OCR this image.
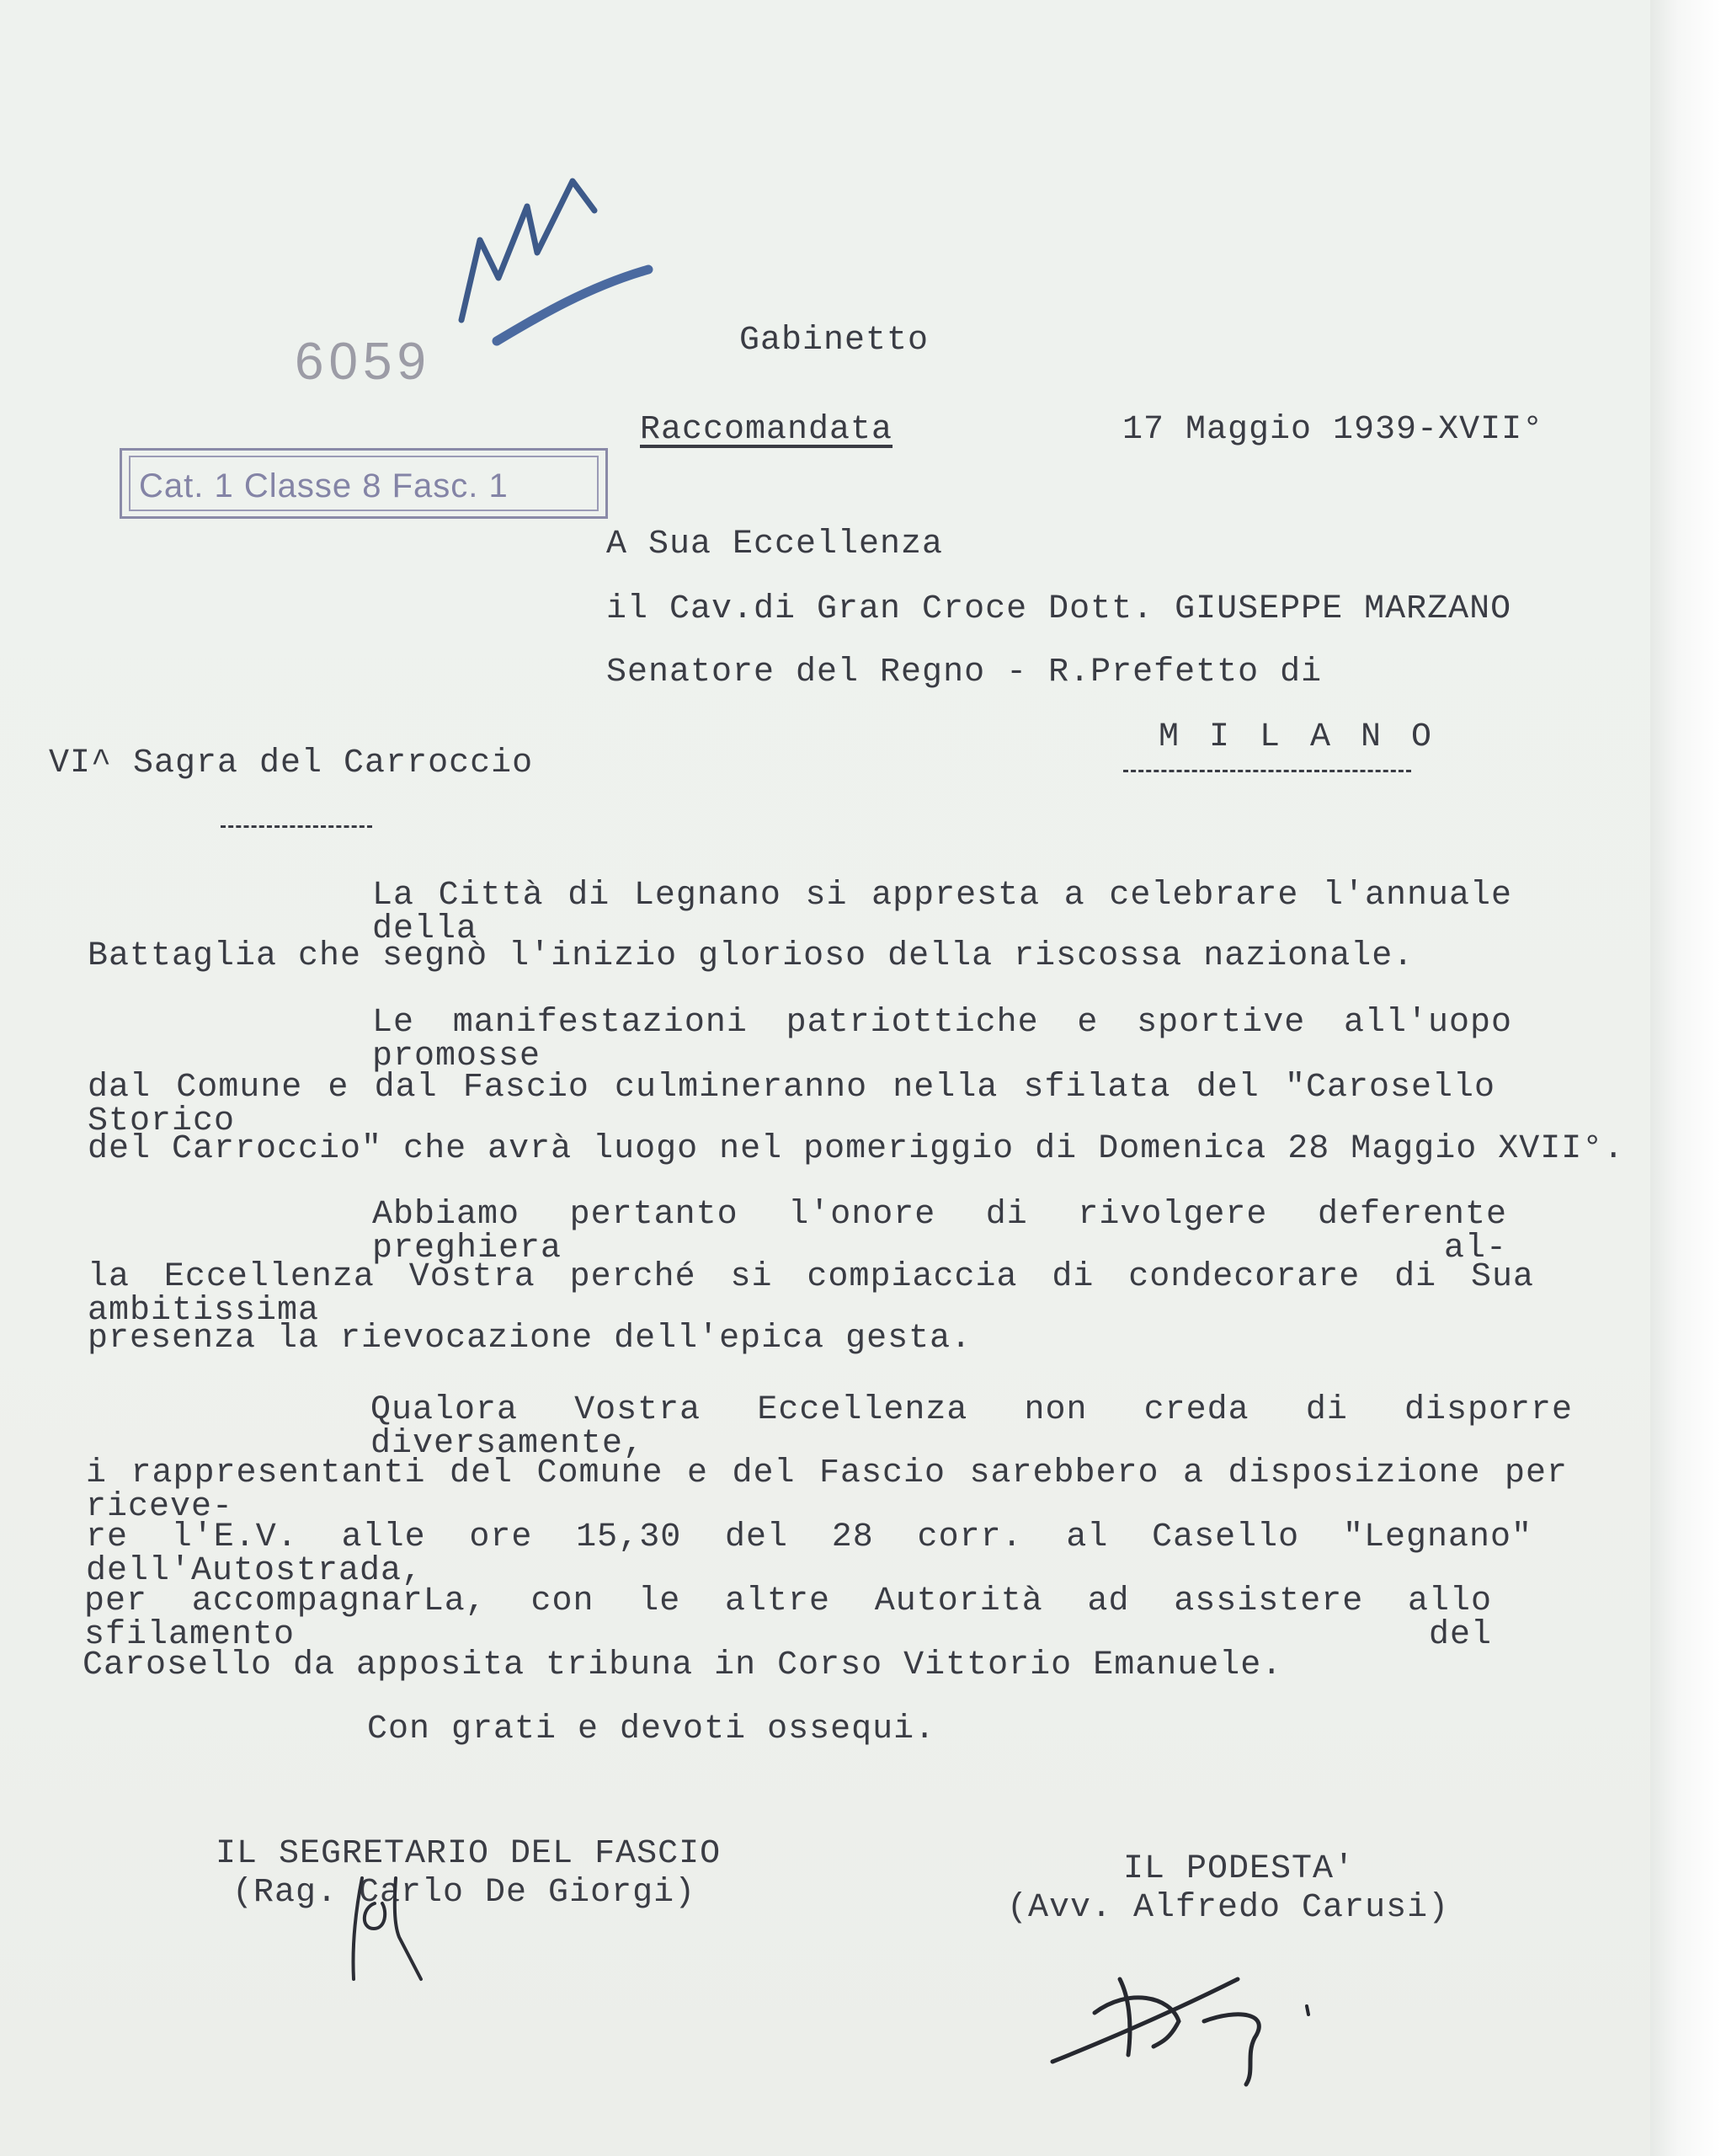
6059
Cat. 1 Classe 8 Fasc. 1
Gabinetto
Raccomandata	17 Maggio 1939-XVII°
A Sua Eccellenza
il Cav.di Gran Croce Dott. GIUSEPPE MARZANO
Senatore del Regno - R.Prefetto di
M I L A N O
VI^ Sagra del Carroccio
La Città di Legnano si appresta a celebrare l'annuale della
Battaglia che segnò l'inizio glorioso della riscossa nazionale.
Le manifestazioni patriottiche e sportive all'uopo promosse
dal Comune e dal Fascio culmineranno nella sfilata del "Carosello Storico
del Carroccio" che avrà luogo nel pomeriggio di Domenica 28 Maggio XVII°.
Abbiamo pertanto l'onore di rivolgere deferente preghiera al-
la Eccellenza Vostra perché si compiaccia di condecorare di Sua ambitissima
presenza la rievocazione dell'epica gesta.
Qualora Vostra Eccellenza non creda di disporre diversamente,
i rappresentanti del Comune e del Fascio sarebbero a disposizione per riceve-
re l'E.V. alle ore 15,30 del 28 corr. al Casello "Legnano" dell'Autostrada,
per accompagnarLa, con le altre Autorità ad assistere allo sfilamento del
Carosello da apposita tribuna in Corso Vittorio Emanuele.
Con grati e devoti ossequi.
IL SEGRETARIO DEL FASCIO
(Rag. Carlo De Giorgi)
IL PODESTA'
(Avv. Alfredo Carusi)
